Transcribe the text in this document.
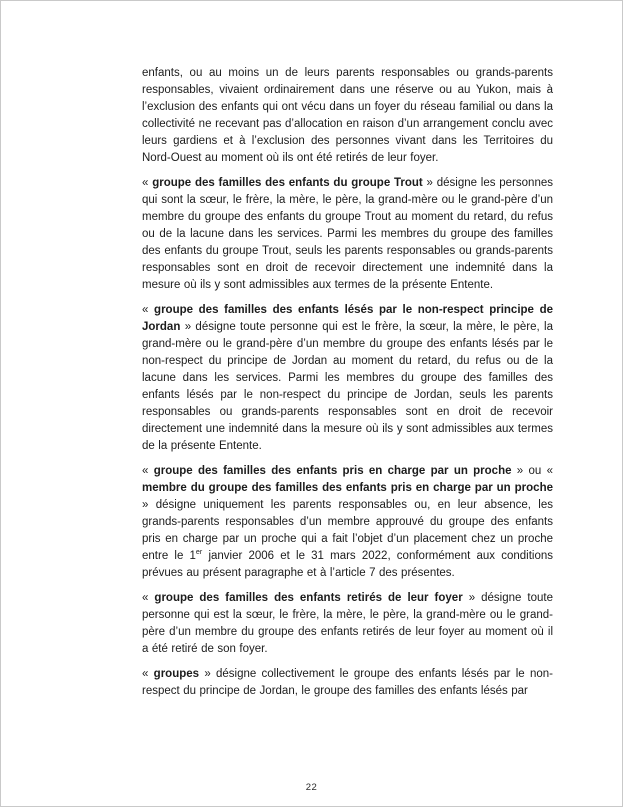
enfants, ou au moins un de leurs parents responsables ou grands-parents responsables, vivaient ordinairement dans une réserve ou au Yukon, mais à l’exclusion des enfants qui ont vécu dans un foyer du réseau familial ou dans la collectivité ne recevant pas d’allocation en raison d’un arrangement conclu avec leurs gardiens et à l’exclusion des personnes vivant dans les Territoires du Nord-Ouest au moment où ils ont été retirés de leur foyer.

« groupe des familles des enfants du groupe Trout » désigne les personnes qui sont la sœur, le frère, la mère, le père, la grand-mère ou le grand-père d’un membre du groupe des enfants du groupe Trout au moment du retard, du refus ou de la lacune dans les services. Parmi les membres du groupe des familles des enfants du groupe Trout, seuls les parents responsables ou grands-parents responsables sont en droit de recevoir directement une indemnité dans la mesure où ils y sont admissibles aux termes de la présente Entente.

« groupe des familles des enfants lésés par le non-respect principe de Jordan » désigne toute personne qui est le frère, la sœur, la mère, le père, la grand-mère ou le grand-père d’un membre du groupe des enfants lésés par le non-respect du principe de Jordan au moment du retard, du refus ou de la lacune dans les services. Parmi les membres du groupe des familles des enfants lésés par le non-respect du principe de Jordan, seuls les parents responsables ou grands-parents responsables sont en droit de recevoir directement une indemnité dans la mesure où ils y sont admissibles aux termes de la présente Entente.

« groupe des familles des enfants pris en charge par un proche » ou « membre du groupe des familles des enfants pris en charge par un proche » désigne uniquement les parents responsables ou, en leur absence, les grands-parents responsables d’un membre approuvé du groupe des enfants pris en charge par un proche qui a fait l’objet d’un placement chez un proche entre le 1er janvier 2006 et le 31 mars 2022, conformément aux conditions prévues au présent paragraphe et à l’article 7 des présentes.

« groupe des familles des enfants retirés de leur foyer » désigne toute personne qui est la sœur, le frère, la mère, le père, la grand-mère ou le grand-père d’un membre du groupe des enfants retirés de leur foyer au moment où il a été retiré de son foyer.

« groupes » désigne collectivement le groupe des enfants lésés par le non-respect du principe de Jordan, le groupe des familles des enfants lésés par

22
